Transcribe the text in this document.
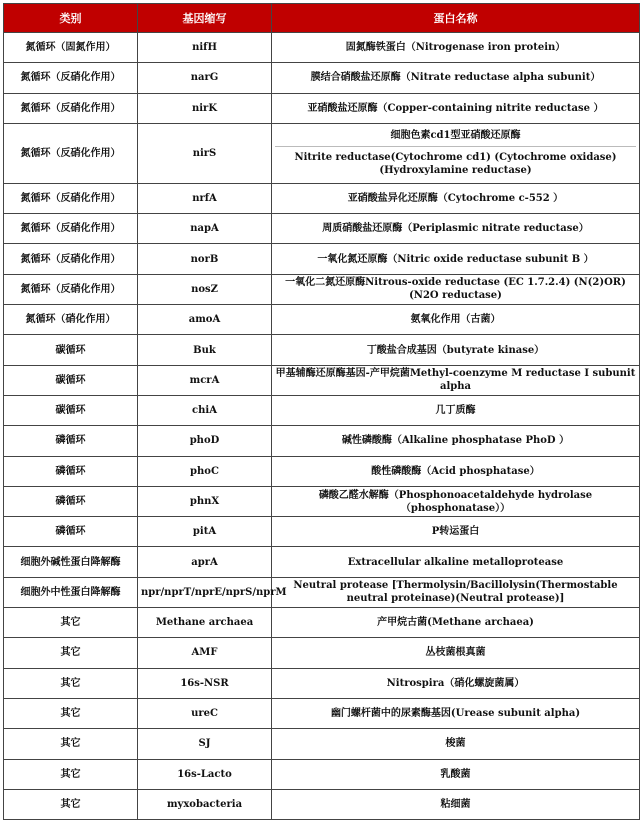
类别	基因缩写	蛋白名称
氮循环（固氮作用）	nifH	固氮酶铁蛋白（Nitrogenase iron protein）
氮循环（反硝化作用）	narG	膜结合硝酸盐还原酶（Nitrate reductase alpha subunit）
氮循环（反硝化作用）	nirK	亚硝酸盐还原酶（Copper-containing nitrite reductase ）
氮循环（反硝化作用）	nirS	细胞色素cd1型亚硝酸还原酶
Nitrite reductase(Cytochrome cd1) (Cytochrome oxidase) (Hydroxylamine reductase)

氮循环（反硝化作用）	nrfA	亚硝酸盐异化还原酶（Cytochrome c-552 ）
氮循环（反硝化作用）	napA	周质硝酸盐还原酶（Periplasmic nitrate reductase）
氮循环（反硝化作用）	norB	一氧化氮还原酶（Nitric oxide reductase subunit B ）
氮循环（反硝化作用）	nosZ	一氧化二氮还原酶Nitrous-oxide reductase (EC 1.7.2.4) (N(2)OR) (N2O reductase)
氮循环（硝化作用）	amoA	氨氧化作用（古菌）
碳循环	Buk	丁酸盐合成基因（butyrate kinase）
碳循环	mcrA	甲基辅酶还原酶基因-产甲烷菌Methyl-coenzyme M reductase I subunit alpha
碳循环	chiA	几丁质酶
磷循环	phoD	碱性磷酸酶（Alkaline phosphatase PhoD ）
磷循环	phoC	酸性磷酸酶（Acid phosphatase）
磷循环	phnX	磷酸乙醛水解酶（Phosphonoacetaldehyde hydrolase（phosphonatase））
磷循环	pitA	P转运蛋白
细胞外碱性蛋白降解酶	aprA	Extracellular alkaline metalloprotease
细胞外中性蛋白降解酶	npr/nprT/nprE/nprS/nprM	Neutral protease [Thermolysin/Bacillolysin(Thermostable neutral proteinase)(Neutral protease)]
其它	Methane archaea	产甲烷古菌(Methane archaea)
其它	AMF	丛枝菌根真菌
其它	16s-NSR	Nitrospira（硝化螺旋菌属）
其它	ureC	幽门螺杆菌中的尿素酶基因(Urease subunit alpha)
其它	SJ	梭菌
其它	16s-Lacto	乳酸菌
其它	myxobacteria	粘细菌
